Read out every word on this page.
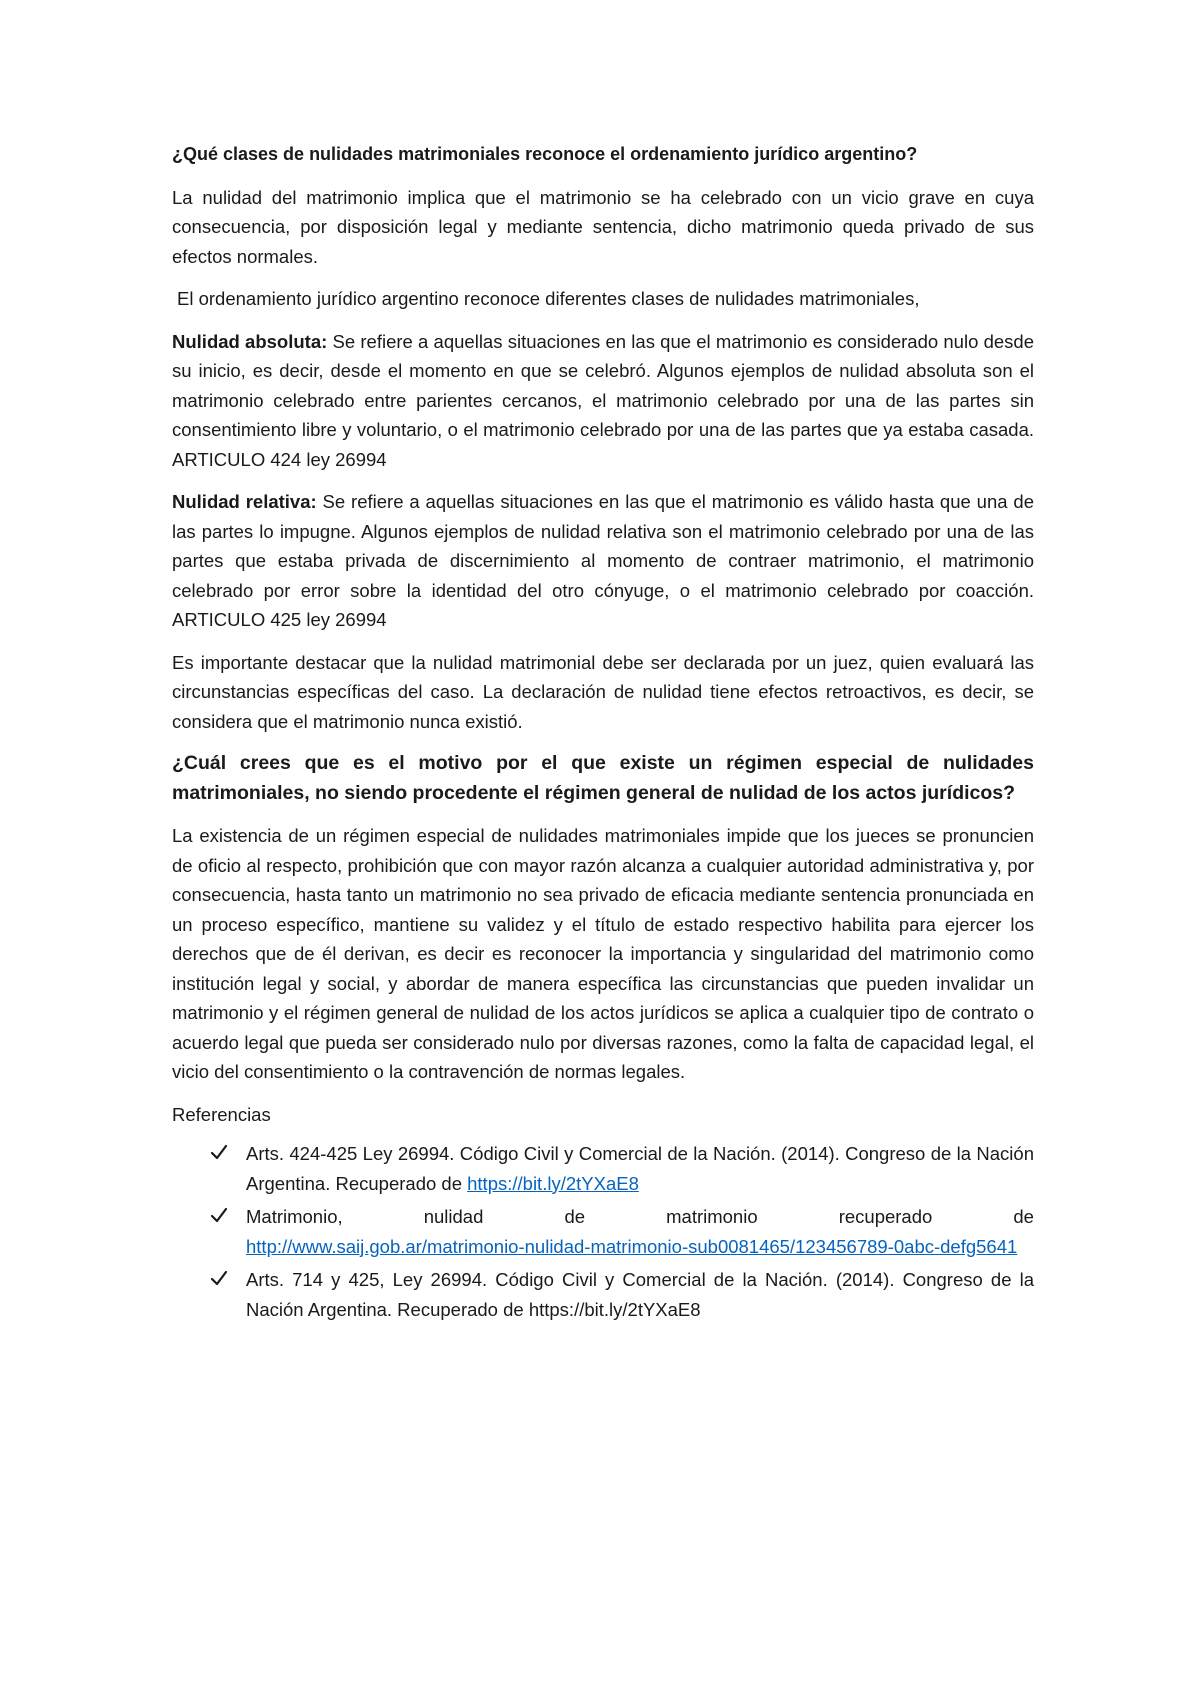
¿Qué clases de nulidades matrimoniales reconoce el ordenamiento jurídico argentino?

La nulidad del matrimonio implica que el matrimonio se ha celebrado con un vicio grave en cuya consecuencia, por disposición legal y mediante sentencia, dicho matrimonio queda privado de sus efectos normales.

El ordenamiento jurídico argentino reconoce diferentes clases de nulidades matrimoniales,

Nulidad absoluta: Se refiere a aquellas situaciones en las que el matrimonio es considerado nulo desde su inicio, es decir, desde el momento en que se celebró. Algunos ejemplos de nulidad absoluta son el matrimonio celebrado entre parientes cercanos, el matrimonio celebrado por una de las partes sin consentimiento libre y voluntario, o el matrimonio celebrado por una de las partes que ya estaba casada. ARTICULO 424 ley 26994

Nulidad relativa: Se refiere a aquellas situaciones en las que el matrimonio es válido hasta que una de las partes lo impugne. Algunos ejemplos de nulidad relativa son el matrimonio celebrado por una de las partes que estaba privada de discernimiento al momento de contraer matrimonio, el matrimonio celebrado por error sobre la identidad del otro cónyuge, o el matrimonio celebrado por coacción. ARTICULO 425 ley 26994

Es importante destacar que la nulidad matrimonial debe ser declarada por un juez, quien evaluará las circunstancias específicas del caso. La declaración de nulidad tiene efectos retroactivos, es decir, se considera que el matrimonio nunca existió.

¿Cuál crees que es el motivo por el que existe un régimen especial de nulidades matrimoniales, no siendo procedente el régimen general de nulidad de los actos jurídicos?

La existencia de un régimen especial de nulidades matrimoniales impide que los jueces se pronuncien de oficio al respecto, prohibición que con mayor razón alcanza a cualquier autoridad administrativa y, por consecuencia, hasta tanto un matrimonio no sea privado de eficacia mediante sentencia pronunciada en un proceso específico, mantiene su validez y el título de estado respectivo habilita para ejercer los derechos que de él derivan, es decir es reconocer la importancia y singularidad del matrimonio como institución legal y social, y abordar de manera específica las circunstancias que pueden invalidar un matrimonio y el régimen general de nulidad de los actos jurídicos se aplica a cualquier tipo de contrato o acuerdo legal que pueda ser considerado nulo por diversas razones, como la falta de capacidad legal, el vicio del consentimiento o la contravención de normas legales.

Referencias

Arts. 424-425 Ley 26994. Código Civil y Comercial de la Nación. (2014). Congreso de la Nación Argentina. Recuperado de https://bit.ly/2tYXaE8
Matrimonio,	nulidad	de	matrimonio	recuperado	de
http://www.saij.gob.ar/matrimonio-nulidad-matrimonio-sub0081465/123456789-0abc-defg5641
Arts. 714 y 425, Ley 26994. Código Civil y Comercial de la Nación. (2014). Congreso de la Nación Argentina. Recuperado de https://bit.ly/2tYXaE8
